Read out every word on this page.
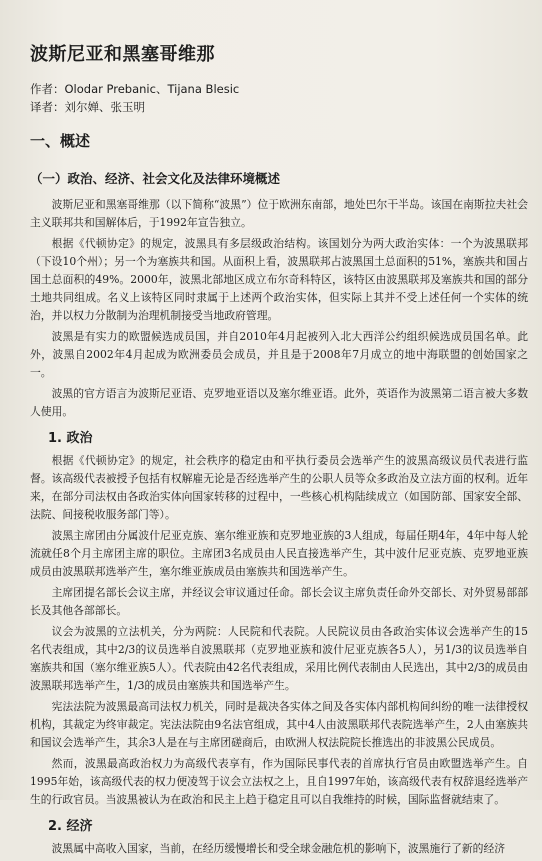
波斯尼亚和黑塞哥维那
作者：Olodar Prebanic、Tijana Blesic
译者：刘尔婵、张玉明
一、概述
（一）政治、经济、社会文化及法律环境概述

波斯尼亚和黑塞哥维那（以下简称“波黑”）位于欧洲东南部，地处巴尔干半岛。该国在南斯拉夫社会主义联邦共和国解体后，于1992年宣告独立。

根据《代顿协定》的规定，波黑具有多层级政治结构。该国划分为两大政治实体：一个为波黑联邦（下设10个州）；另一个为塞族共和国。从面积上看，波黑联邦占波黑国土总面积的51%，塞族共和国占国土总面积的49%。2000年，波黑北部地区成立布尔奇科特区，该特区由波黑联邦及塞族共和国的部分土地共同组成。名义上该特区同时隶属于上述两个政治实体，但实际上其并不受上述任何一个实体的统治，并以权力分散制为治理机制接受当地政府管理。

波黑是有实力的欧盟候选成员国，并自2010年4月起被列入北大西洋公约组织候选成员国名单。此外，波黑自2002年4月起成为欧洲委员会成员，并且是于2008年7月成立的地中海联盟的创始国家之一。

波黑的官方语言为波斯尼亚语、克罗地亚语以及塞尔维亚语。此外，英语作为波黑第二语言被大多数人使用。

1. 政治

根据《代顿协定》的规定，社会秩序的稳定由和平执行委员会选举产生的波黑高级议员代表进行监督。该高级代表被授予包括有权解雇无论是否经选举产生的公职人员等众多政治及立法方面的权利。近年来，在部分司法权由各政治实体向国家转移的过程中，一些核心机构陆续成立（如国防部、国家安全部、法院、间接税收服务部门等）。

波黑主席团由分属波什尼亚克族、塞尔维亚族和克罗地亚族的3人组成，每届任期4年，4年中每人轮流就任8个月主席团主席的职位。主席团3名成员由人民直接选举产生，其中波什尼亚克族、克罗地亚族成员由波黑联邦选举产生，塞尔维亚族成员由塞族共和国选举产生。

主席团提名部长会议主席，并经议会审议通过任命。部长会议主席负责任命外交部长、对外贸易部部长及其他各部部长。

议会为波黑的立法机关，分为两院：人民院和代表院。人民院议员由各政治实体议会选举产生的15名代表组成，其中2/3的议员选举自波黑联邦（克罗地亚族和波什尼亚克族各5人），另1/3的议员选举自塞族共和国（塞尔维亚族5人）。代表院由42名代表组成，采用比例代表制由人民选出，其中2/3的成员由波黑联邦选举产生，1/3的成员由塞族共和国选举产生。

宪法法院为波黑最高司法权力机关，同时是裁决各实体之间及各实体内部机构间纠纷的唯一法律授权机构，其裁定为终审裁定。宪法法院由9名法官组成，其中4人由波黑联邦代表院选举产生，2人由塞族共和国议会选举产生，其余3人是在与主席团磋商后，由欧洲人权法院院长推选出的非波黑公民成员。

然而，波黑最高政治权力为高级代表享有，作为国际民事代表的首席执行官员由欧盟选举产生。自1995年始，该高级代表的权力便凌驾于议会立法权之上，且自1997年始，该高级代表有权辞退经选举产生的行政官员。当波黑被认为在政治和民主上趋于稳定且可以自我维持的时候，国际监督就结束了。

2. 经济

波黑属中高收入国家，当前，在经历缓慢增长和受全球金融危机的影响下，波黑施行了新的经济
